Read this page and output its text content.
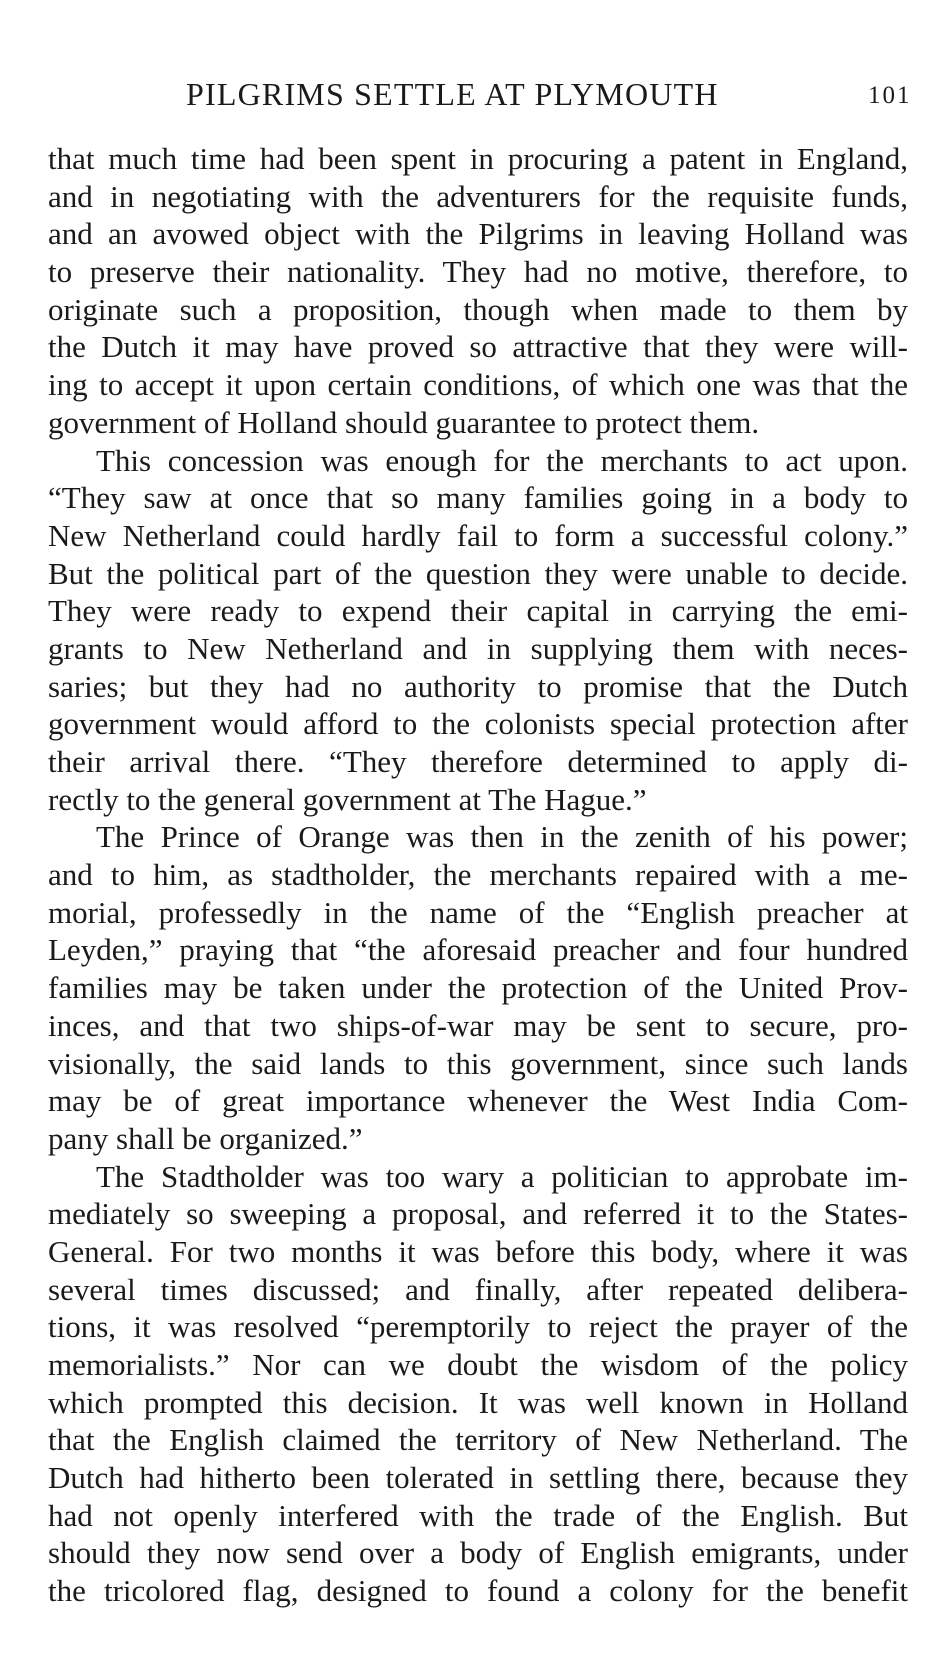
PILGRIMS SETTLE AT PLYMOUTH	101
that much time had been spent in procuring a patent in England,
and in negotiating with the adventurers for the requisite funds,
and an avowed object with the Pilgrims in leaving Holland was
to preserve their nationality. They had no motive, therefore, to
originate such a proposition, though when made to them by
the Dutch it may have proved so attractive that they were will-
ing to accept it upon certain conditions, of which one was that the
government of Holland should guarantee to protect them.
This concession was enough for the merchants to act upon.
“They saw at once that so many families going in a body to
New Netherland could hardly fail to form a successful colony.”
But the political part of the question they were unable to decide.
They were ready to expend their capital in carrying the emi-
grants to New Netherland and in supplying them with neces-
saries; but they had no authority to promise that the Dutch
government would afford to the colonists special protection after
their arrival there. “They therefore determined to apply di-
rectly to the general government at The Hague.”
The Prince of Orange was then in the zenith of his power;
and to him, as stadtholder, the merchants repaired with a me-
morial, professedly in the name of the “English preacher at
Leyden,” praying that “the aforesaid preacher and four hundred
families may be taken under the protection of the United Prov-
inces, and that two ships-of-war may be sent to secure, pro-
visionally, the said lands to this government, since such lands
may be of great importance whenever the West India Com-
pany shall be organized.”
The Stadtholder was too wary a politician to approbate im-
mediately so sweeping a proposal, and referred it to the States-
General. For two months it was before this body, where it was
several times discussed; and finally, after repeated delibera-
tions, it was resolved “peremptorily to reject the prayer of the
memorialists.” Nor can we doubt the wisdom of the policy
which prompted this decision. It was well known in Holland
that the English claimed the territory of New Netherland. The
Dutch had hitherto been tolerated in settling there, because they
had not openly interfered with the trade of the English. But
should they now send over a body of English emigrants, under
the tricolored flag, designed to found a colony for the benefit
